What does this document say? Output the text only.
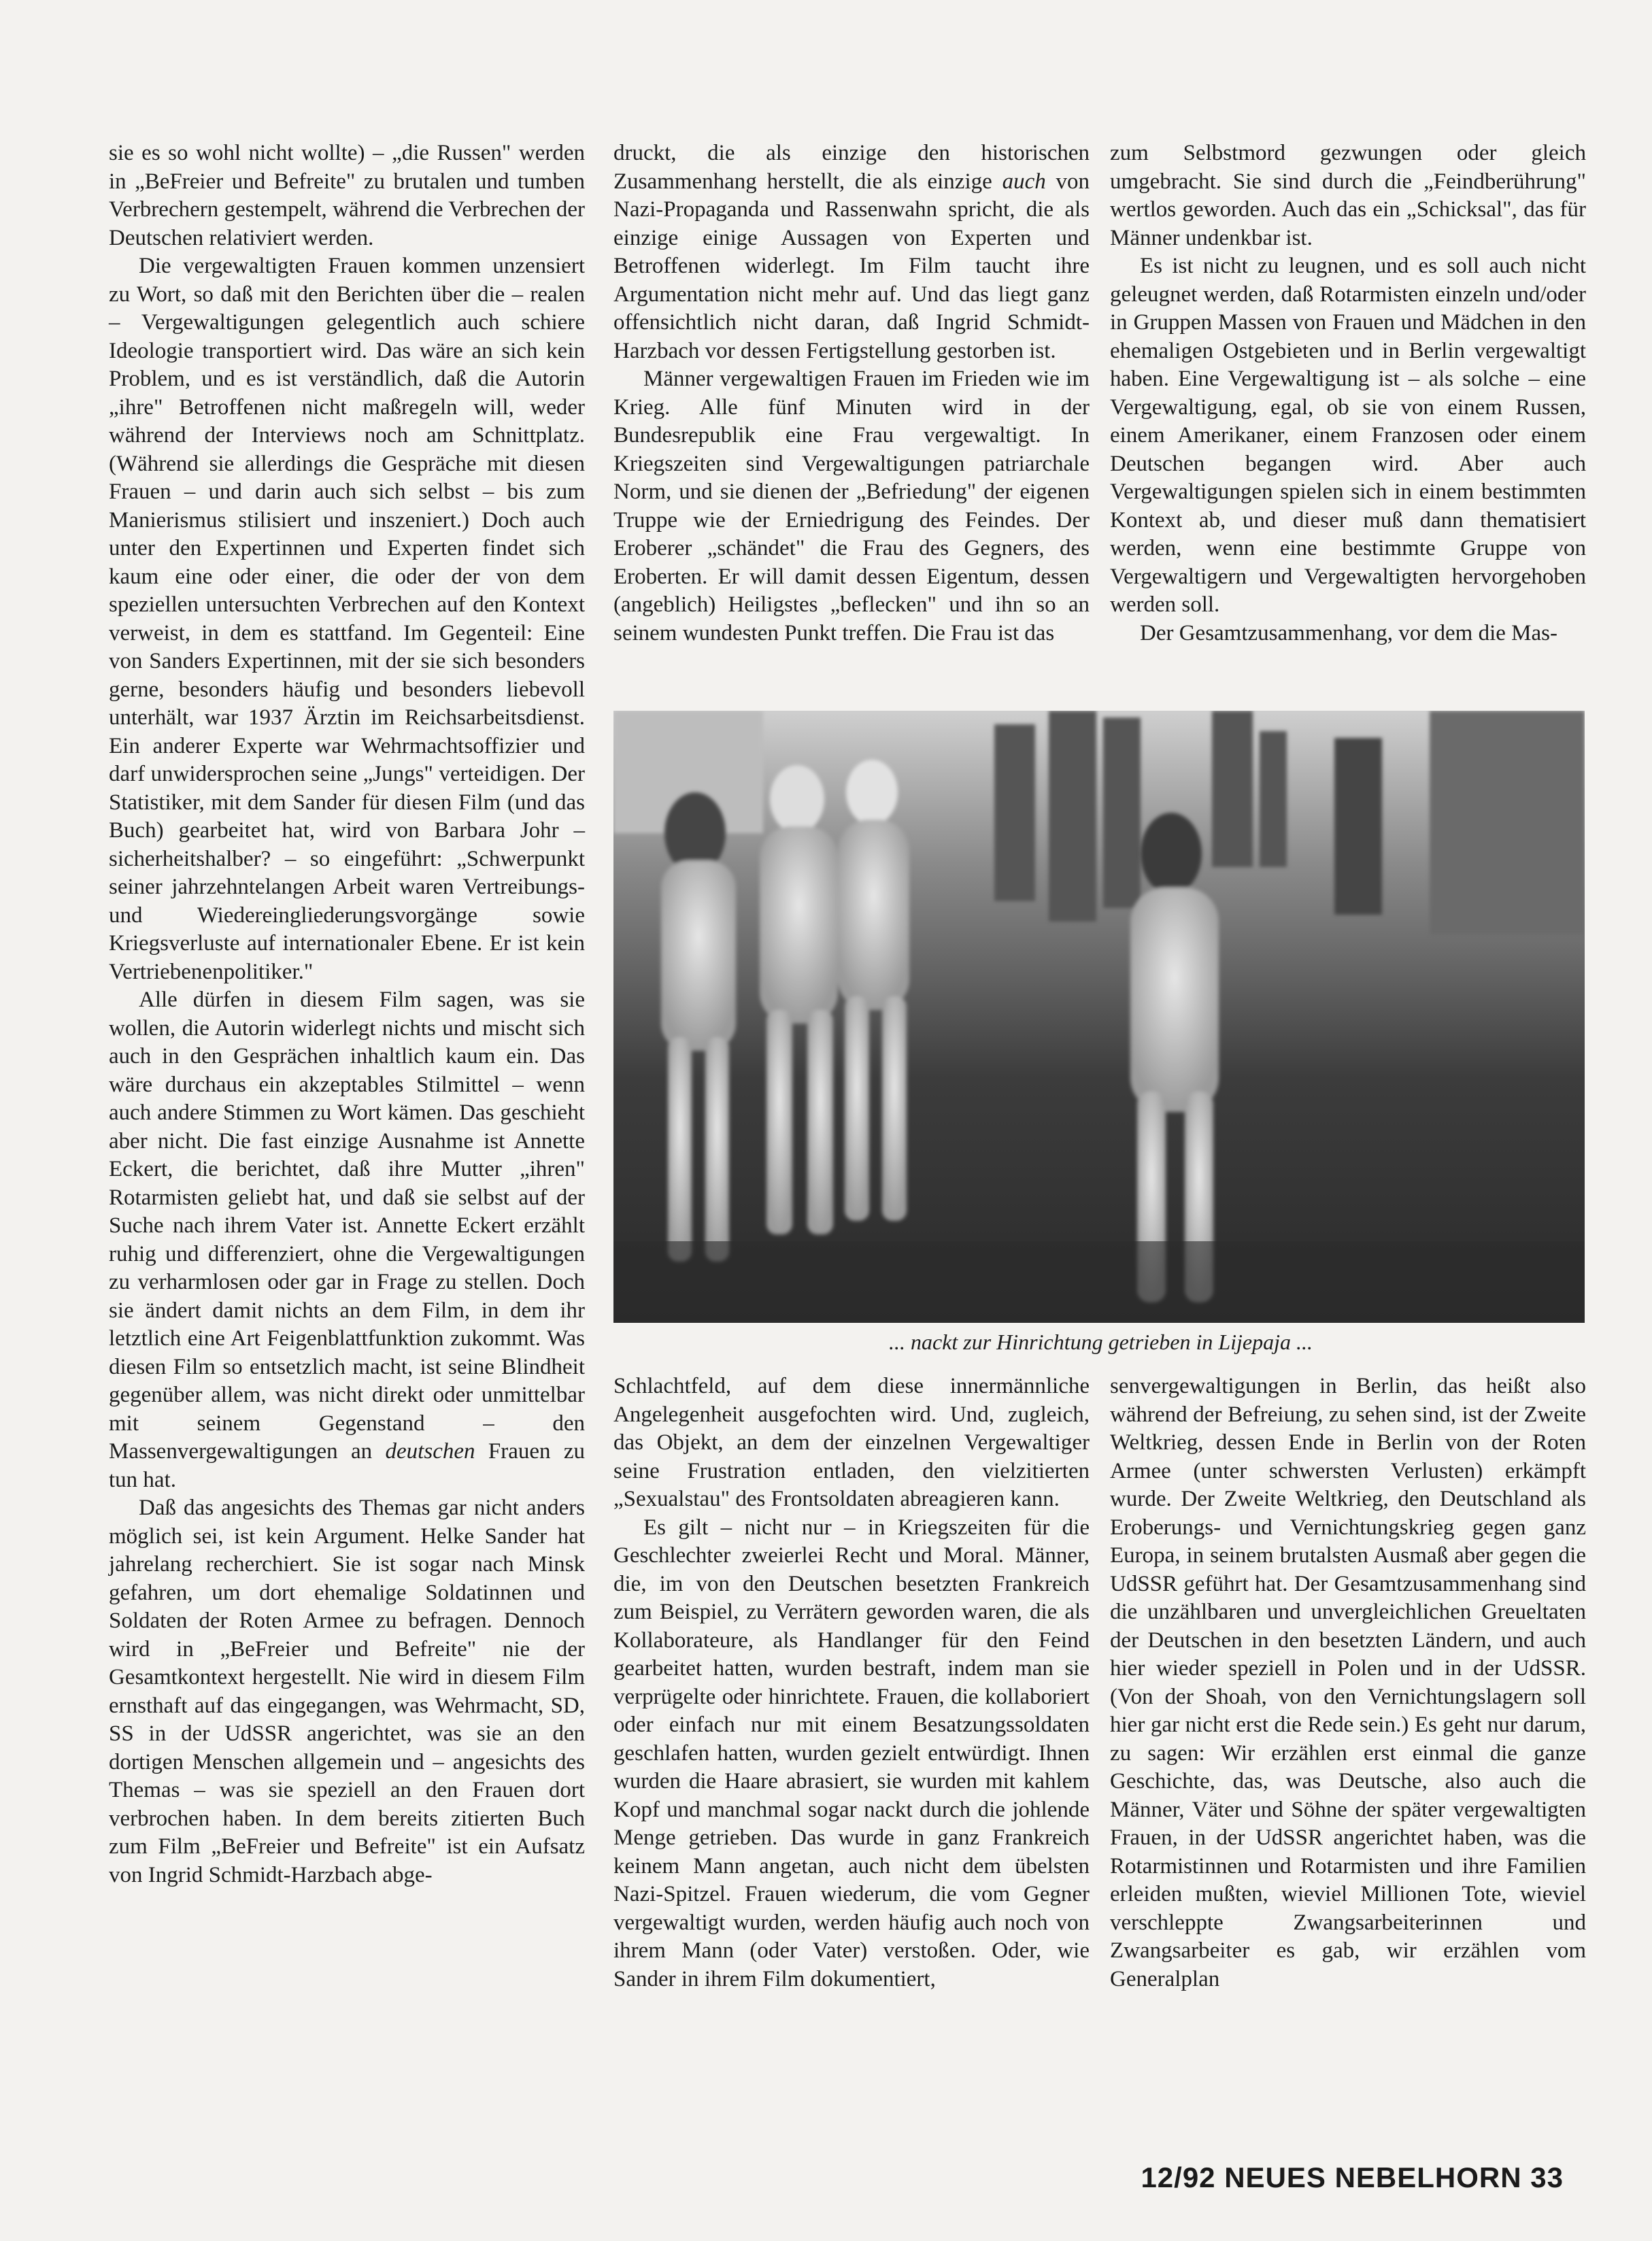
sie es so wohl nicht wollte) – „die Russen" werden in „BeFreier und Befreite" zu brutalen und tumben Verbrechern gestempelt, während die Verbrechen der Deutschen relativiert werden.

Die vergewaltigten Frauen kommen unzensiert zu Wort, so daß mit den Berichten über die – realen – Vergewaltigungen gelegentlich auch schiere Ideologie transportiert wird. Das wäre an sich kein Problem, und es ist verständlich, daß die Autorin „ihre" Betroffenen nicht maßregeln will, weder während der Interviews noch am Schnittplatz. (Während sie allerdings die Gespräche mit diesen Frauen – und darin auch sich selbst – bis zum Manierismus stilisiert und inszeniert.) Doch auch unter den Expertinnen und Experten findet sich kaum eine oder einer, die oder der von dem speziellen untersuchten Verbrechen auf den Kontext verweist, in dem es stattfand. Im Gegenteil: Eine von Sanders Expertinnen, mit der sie sich besonders gerne, besonders häufig und besonders liebevoll unterhält, war 1937 Ärztin im Reichsarbeitsdienst. Ein anderer Experte war Wehrmachtsoffizier und darf unwidersprochen seine „Jungs" verteidigen. Der Statistiker, mit dem Sander für diesen Film (und das Buch) gearbeitet hat, wird von Barbara Johr – sicherheitshalber? – so eingeführt: „Schwerpunkt seiner jahrzehntelangen Arbeit waren Vertreibungs- und Wiedereingliederungsvorgänge sowie Kriegsverluste auf internationaler Ebene. Er ist kein Vertriebenenpolitiker."

Alle dürfen in diesem Film sagen, was sie wollen, die Autorin widerlegt nichts und mischt sich auch in den Gesprächen inhaltlich kaum ein. Das wäre durchaus ein akzeptables Stilmittel – wenn auch andere Stimmen zu Wort kämen. Das geschieht aber nicht. Die fast einzige Ausnahme ist Annette Eckert, die berichtet, daß ihre Mutter „ihren" Rotarmisten geliebt hat, und daß sie selbst auf der Suche nach ihrem Vater ist. Annette Eckert erzählt ruhig und differenziert, ohne die Vergewaltigungen zu verharmlosen oder gar in Frage zu stellen. Doch sie ändert damit nichts an dem Film, in dem ihr letztlich eine Art Feigenblattfunktion zukommt. Was diesen Film so entsetzlich macht, ist seine Blindheit gegenüber allem, was nicht direkt oder unmittelbar mit seinem Gegenstand – den Massenvergewaltigungen an deutschen Frauen zu tun hat.

Daß das angesichts des Themas gar nicht anders möglich sei, ist kein Argument. Helke Sander hat jahrelang recherchiert. Sie ist sogar nach Minsk gefahren, um dort ehemalige Soldatinnen und Soldaten der Roten Armee zu befragen. Dennoch wird in „BeFreier und Befreite" nie der Gesamtkontext hergestellt. Nie wird in diesem Film ernsthaft auf das eingegangen, was Wehrmacht, SD, SS in der UdSSR angerichtet, was sie an den dortigen Menschen allgemein und – angesichts des Themas – was sie speziell an den Frauen dort verbrochen haben. In dem bereits zitierten Buch zum Film „BeFreier und Befreite" ist ein Aufsatz von Ingrid Schmidt-Harzbach abge-

druckt, die als einzige den historischen Zusammenhang herstellt, die als einzige auch von Nazi-Propaganda und Rassenwahn spricht, die als einzige einige Aussagen von Experten und Betroffenen widerlegt. Im Film taucht ihre Argumentation nicht mehr auf. Und das liegt ganz offensichtlich nicht daran, daß Ingrid Schmidt-Harzbach vor dessen Fertigstellung gestorben ist.

Männer vergewaltigen Frauen im Frieden wie im Krieg. Alle fünf Minuten wird in der Bundesrepublik eine Frau vergewaltigt. In Kriegszeiten sind Vergewaltigungen patriarchale Norm, und sie dienen der „Befriedung" der eigenen Truppe wie der Erniedrigung des Feindes. Der Eroberer „schändet" die Frau des Gegners, des Eroberten. Er will damit dessen Eigentum, dessen (angeblich) Heiligstes „beflecken" und ihn so an seinem wundesten Punkt treffen. Die Frau ist das

zum Selbstmord gezwungen oder gleich umgebracht. Sie sind durch die „Feindberührung" wertlos geworden. Auch das ein „Schicksal", das für Männer undenkbar ist.

Es ist nicht zu leugnen, und es soll auch nicht geleugnet werden, daß Rotarmisten einzeln und/oder in Gruppen Massen von Frauen und Mädchen in den ehemaligen Ostgebieten und in Berlin vergewaltigt haben. Eine Vergewaltigung ist – als solche – eine Vergewaltigung, egal, ob sie von einem Russen, einem Amerikaner, einem Franzosen oder einem Deutschen begangen wird. Aber auch Vergewaltigungen spielen sich in einem bestimmten Kontext ab, und dieser muß dann thematisiert werden, wenn eine bestimmte Gruppe von Vergewaltigern und Vergewaltigten hervorgehoben werden soll.

Der Gesamtzusammenhang, vor dem die Mas-

... nackt zur Hinrichtung getrieben in Lijepaja ...

Schlachtfeld, auf dem diese innermännliche Angelegenheit ausgefochten wird. Und, zugleich, das Objekt, an dem der einzelnen Vergewaltiger seine Frustration entladen, den vielzitierten „Sexualstau" des Frontsoldaten abreagieren kann.

Es gilt – nicht nur – in Kriegszeiten für die Geschlechter zweierlei Recht und Moral. Männer, die, im von den Deutschen besetzten Frankreich zum Beispiel, zu Verrätern geworden waren, die als Kollaborateure, als Handlanger für den Feind gearbeitet hatten, wurden bestraft, indem man sie verprügelte oder hinrichtete. Frauen, die kollaboriert oder einfach nur mit einem Besatzungssoldaten geschlafen hatten, wurden gezielt entwürdigt. Ihnen wurden die Haare abrasiert, sie wurden mit kahlem Kopf und manchmal sogar nackt durch die johlende Menge getrieben. Das wurde in ganz Frankreich keinem Mann angetan, auch nicht dem übelsten Nazi-Spitzel. Frauen wiederum, die vom Gegner vergewaltigt wurden, werden häufig auch noch von ihrem Mann (oder Vater) verstoßen. Oder, wie Sander in ihrem Film dokumentiert,

senvergewaltigungen in Berlin, das heißt also während der Befreiung, zu sehen sind, ist der Zweite Weltkrieg, dessen Ende in Berlin von der Roten Armee (unter schwersten Verlusten) erkämpft wurde. Der Zweite Weltkrieg, den Deutschland als Eroberungs- und Vernichtungskrieg gegen ganz Europa, in seinem brutalsten Ausmaß aber gegen die UdSSR geführt hat. Der Gesamtzusammenhang sind die unzählbaren und unvergleichlichen Greueltaten der Deutschen in den besetzten Ländern, und auch hier wieder speziell in Polen und in der UdSSR. (Von der Shoah, von den Vernichtungslagern soll hier gar nicht erst die Rede sein.) Es geht nur darum, zu sagen: Wir erzählen erst einmal die ganze Geschichte, das, was Deutsche, also auch die Männer, Väter und Söhne der später vergewaltigten Frauen, in der UdSSR angerichtet haben, was die Rotarmistinnen und Rotarmisten und ihre Familien erleiden mußten, wieviel Millionen Tote, wieviel verschleppte Zwangsarbeiterinnen und Zwangsarbeiter es gab, wir erzählen vom Generalplan

12/92 NEUES NEBELHORN 33
